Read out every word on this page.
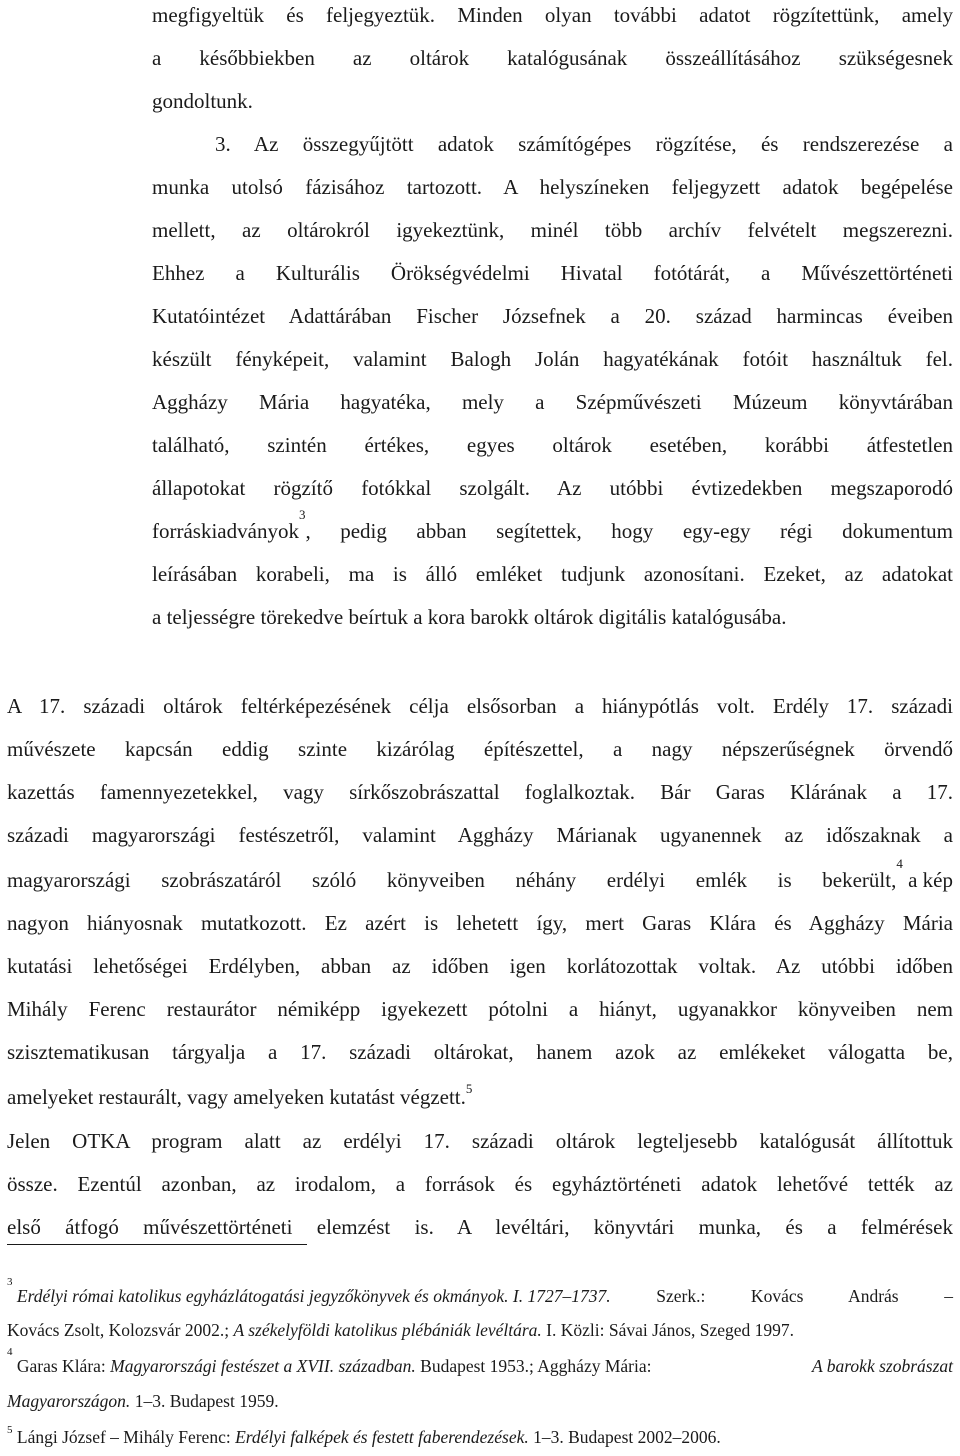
megfigyeltük és feljegyeztük. Minden olyan további adatot rögzítettünk, amely
a későbbiekben az oltárok katalógusának összeállításához szükségesnek
gondoltunk.
3. Az összegyűjtött adatok számítógépes rögzítése, és rendszerezése a
munka utolsó fázisához tartozott. A helyszíneken feljegyzett adatok begépelése
mellett, az oltárokról igyekeztünk, minél több archív felvételt megszerezni.
Ehhez a Kulturális Örökségvédelmi Hivatal fotótárát, a Művészettörténeti
Kutatóintézet Adattárában Fischer Józsefnek a 20. század harmincas éveiben
készült fényképeit, valamint Balogh Jolán hagyatékának fotóit használtuk fel.
Aggházy Mária hagyatéka, mely a Szépművészeti Múzeum könyvtárában
található, szintén értékes, egyes oltárok esetében, korábbi átfestetlen
állapotokat rögzítő fotókkal szolgált. Az utóbbi évtizedekben megszaporodó
forráskiadványok
$^3$
, pedig abban segítettek, hogy egy-egy régi dokumentum
leírásában korabeli, ma is álló emléket tudjunk azonosítani. Ezeket, az adatokat
a teljességre törekedve beírtuk a kora barokk oltárok digitális katalógusába.
A 17. századi oltárok feltérképezésének célja elsősorban a hiánypótlás volt. Erdély 17. századi
művészete kapcsán eddig szinte kizárólag építészettel, a nagy népszerűségnek örvendő
kazettás famennyezetekkel, vagy sírkőszobrászattal foglalkoztak. Bár Garas Klárának a 17.
századi magyarországi festészetről, valamint Aggházy Márianak ugyanennek az időszaknak a
magyarországi szobrászatáról szóló könyveiben néhány erdélyi emlék is bekerült,
$^4$
a kép
nagyon hiányosnak mutatkozott. Ez azért is lehetett így, mert Garas Klára és Aggházy Mária
kutatási lehetőségei Erdélyben, abban az időben igen korlátozottak voltak. Az utóbbi időben
Mihály Ferenc restaurátor némiképp igyekezett pótolni a hiányt, ugyanakkor könyveiben nem
szisztematikusan tárgyalja a 17. századi oltárokat, hanem azok az emlékeket válogatta be,
amelyeket restaurált, vagy amelyeken kutatást végzett.$^5$
Jelen OTKA program alatt az erdélyi 17. századi oltárok legteljesebb katalógusát állítottuk
össze. Ezentúl azonban, az irodalom, a források és egyháztörténeti adatok lehetővé tették az
első átfogó művészettörténeti elemzést is. A levéltári, könyvtári munka, és a felmérések
$^3$

Erdélyi római katolikus egyházlátogatási jegyzőkönyvek és okmányok. I. 1727–1737. Szerk.: Kovács András –
Kovács Zsolt, Kolozsvár 2002.; A székelyföldi katolikus plébániák levéltára. I. Közli: Sávai János, Szeged 1997.
$^4$
Garas Klára: Magyarországi festészet a XVII. században. Budapest 1953.; Aggházy Mária:	A barokk szobrászat
Magyarországon. 1–3. Budapest 1959.
$^5$ Lángi József – Mihály Ferenc: Erdélyi falképek és festett faberendezések. 1–3. Budapest 2002–2006.
